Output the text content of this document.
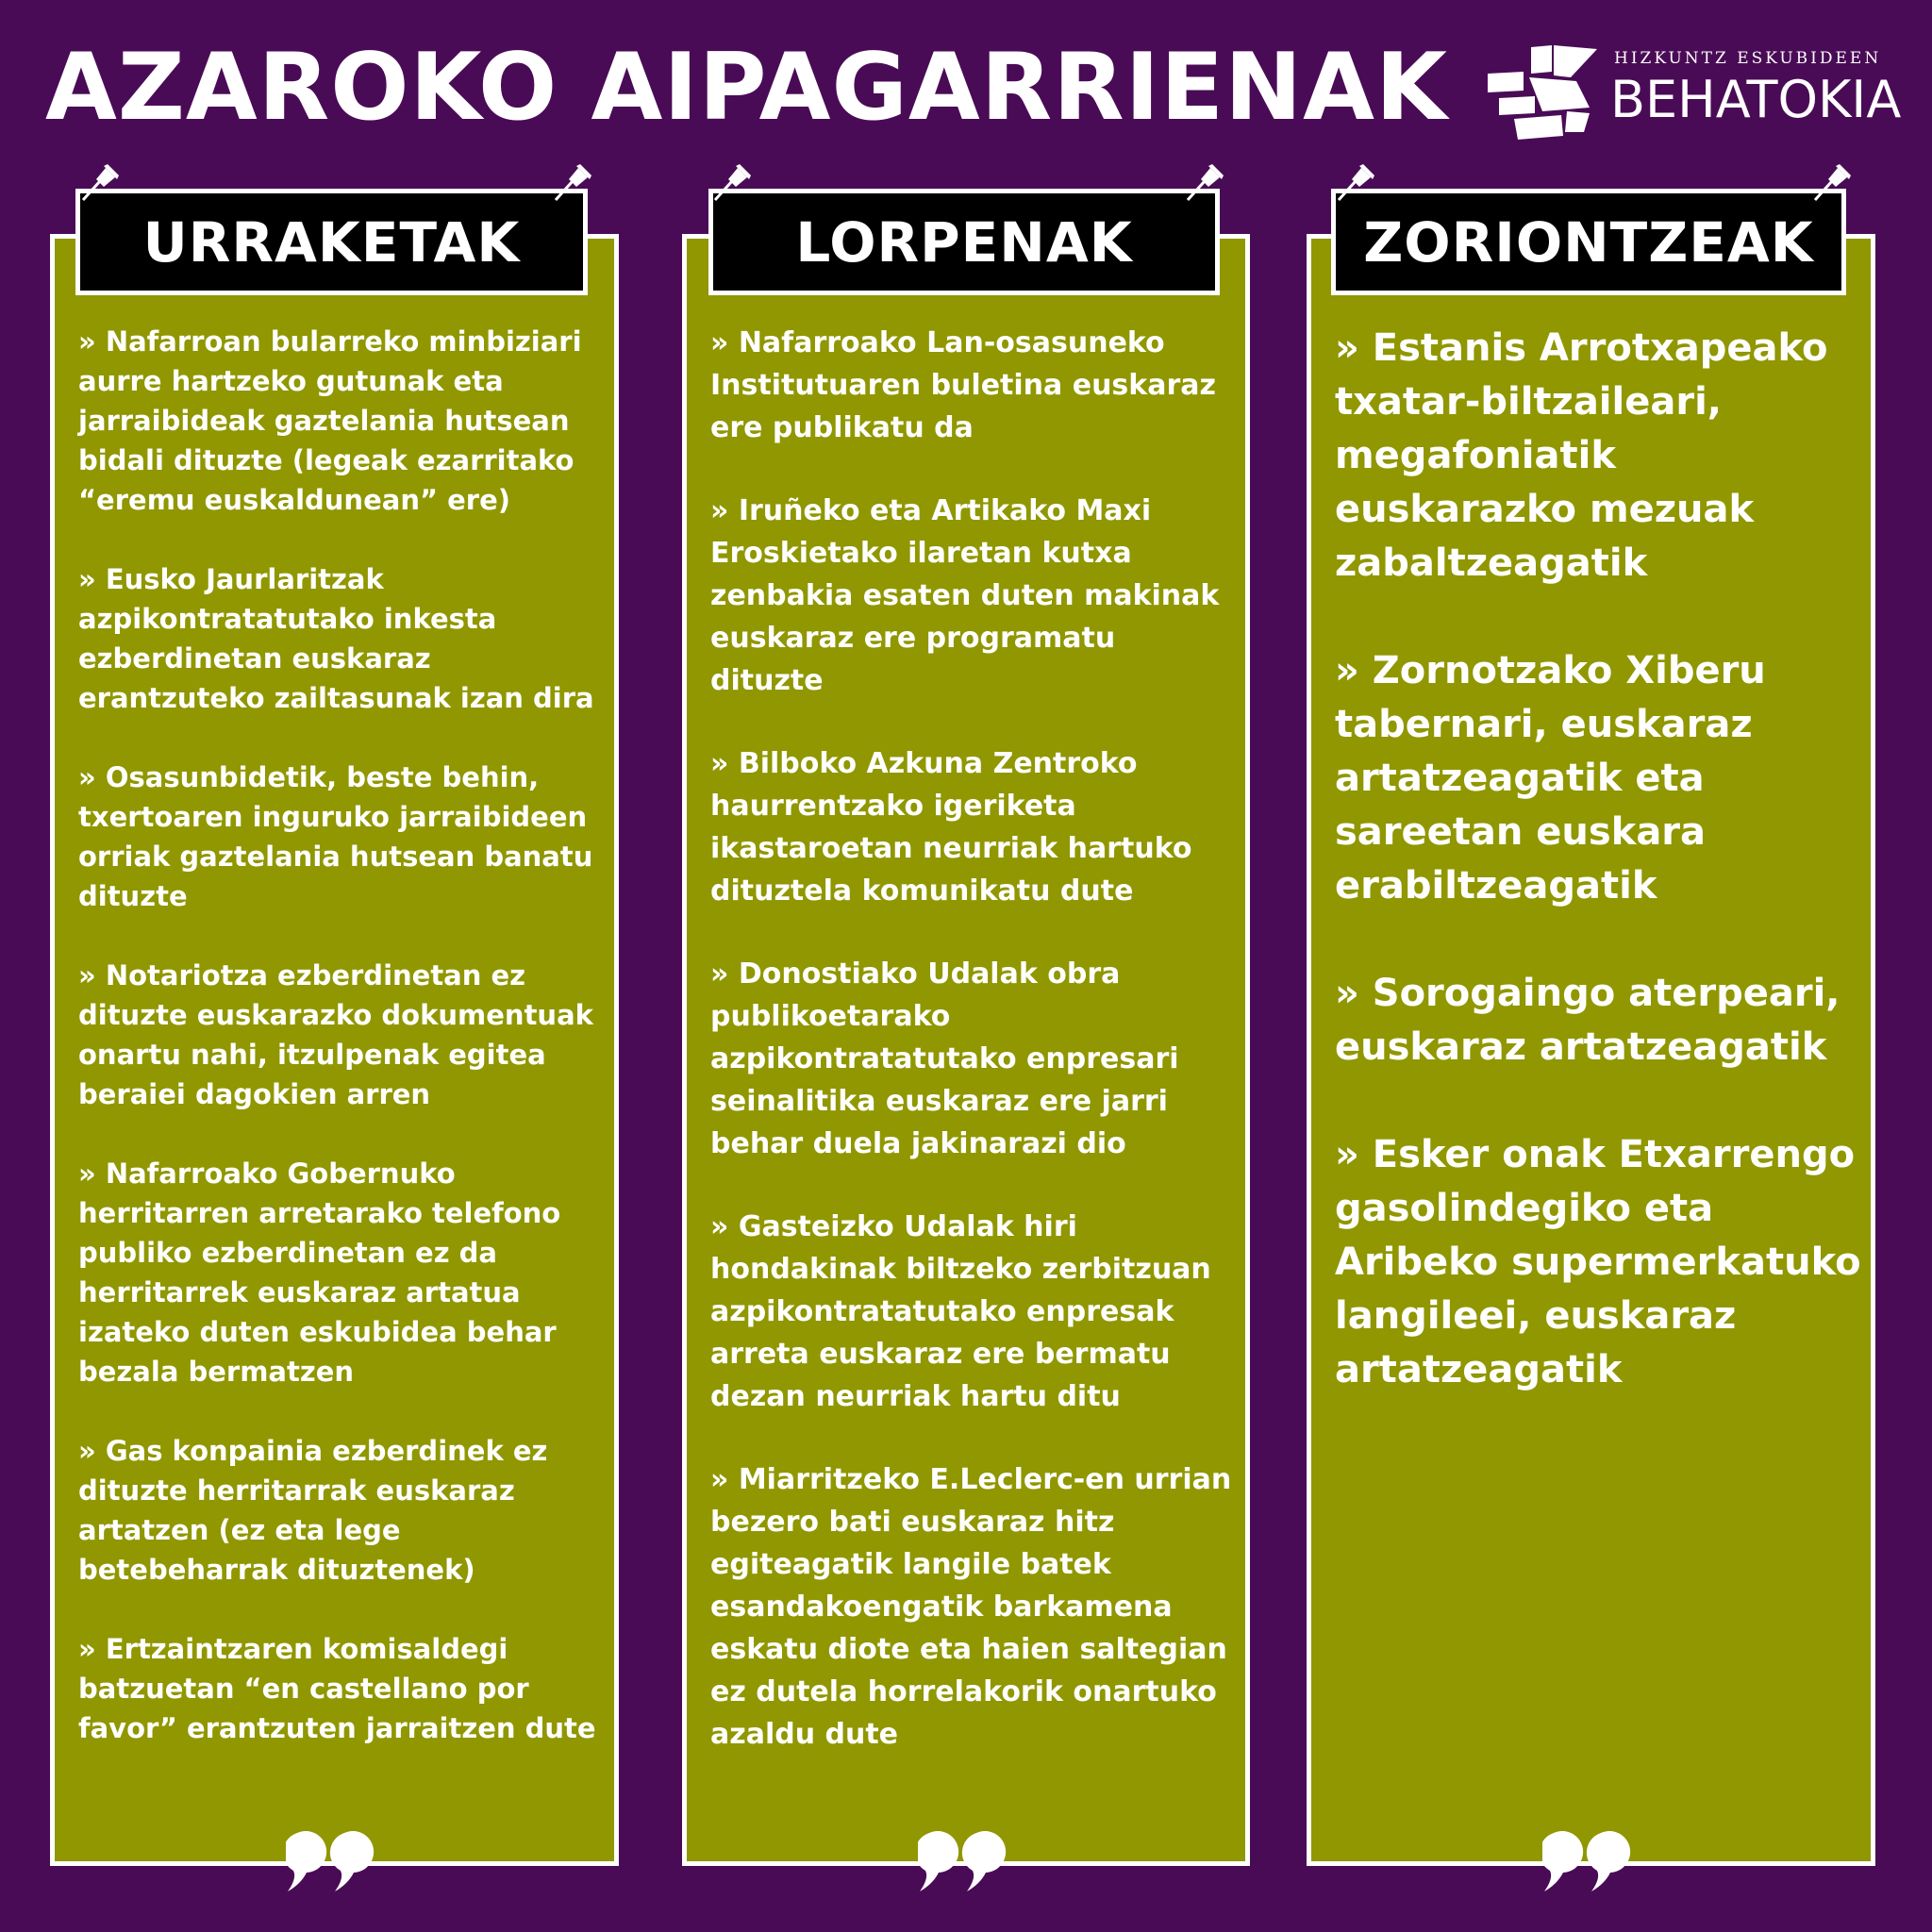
AZAROKO AIPAGARRIENAK	HIZKUNTZ ESKUBIDEEN
BEHATOKIA
» Nafarroan bularreko minbiziari aurre hartzeko gutunak eta jarraibideak gaztelania hutsean bidali dituzte (legeak ezarritako “eremu euskaldunean” ere)
» Eusko Jaurlaritzak azpikontratatutako inkesta ezberdinetan euskaraz erantzuteko zailtasunak izan dira
» Osasunbidetik, beste behin, txertoaren inguruko jarraibideen orriak gaztelania hutsean banatu dituzte
» Notariotza ezberdinetan ez dituzte euskarazko dokumentuak onartu nahi, itzulpenak egitea beraiei dagokien arren
» Nafarroako Gobernuko herritarren arretarako telefono publiko ezberdinetan ez da herritarrek euskaraz artatua izateko duten eskubidea behar bezala bermatzen
» Gas konpainia ezberdinek ez dituzte herritarrak euskaraz artatzen (ez eta lege betebeharrak dituztenek)
» Ertzaintzaren komisaldegi batzuetan “en castellano por favor” erantzuten jarraitzen dute
» Nafarroako Lan-osasuneko Institutuaren buletina euskaraz ere publikatu da
» Iruñeko eta Artikako Maxi Eroskietako ilaretan kutxa zenbakia esaten duten makinak euskaraz ere programatu dituzte
» Bilboko Azkuna Zentroko haurrentzako igeriketa ikastaroetan neurriak hartuko dituztela komunikatu dute
» Donostiako Udalak obra publikoetarako azpikontratatutako enpresari seinalitika euskaraz ere jarri behar duela jakinarazi dio
» Gasteizko Udalak hiri hondakinak biltzeko zerbitzuan azpikontratatutako enpresak arreta euskaraz ere bermatu dezan neurriak hartu ditu
» Miarritzeko E.Leclerc-en urrian bezero bati euskaraz hitz egiteagatik langile batek esandakoengatik barkamena eskatu diote eta haien saltegian ez dutela horrelakorik onartuko azaldu dute
» Estanis Arrotxapeako txatar-biltzaileari, megafoniatik euskarazko mezuak zabaltzeagatik
» Zornotzako Xiberu tabernari, euskaraz artatzeagatik eta sareetan euskara erabiltzeagatik
» Sorogaingo aterpeari, euskaraz artatzeagatik
» Esker onak Etxarrengo gasolindegiko eta Aribeko supermerkatuko langileei, euskaraz artatzeagatik
URRAKETAK	LORPENAK	ZORIONTZEAK
